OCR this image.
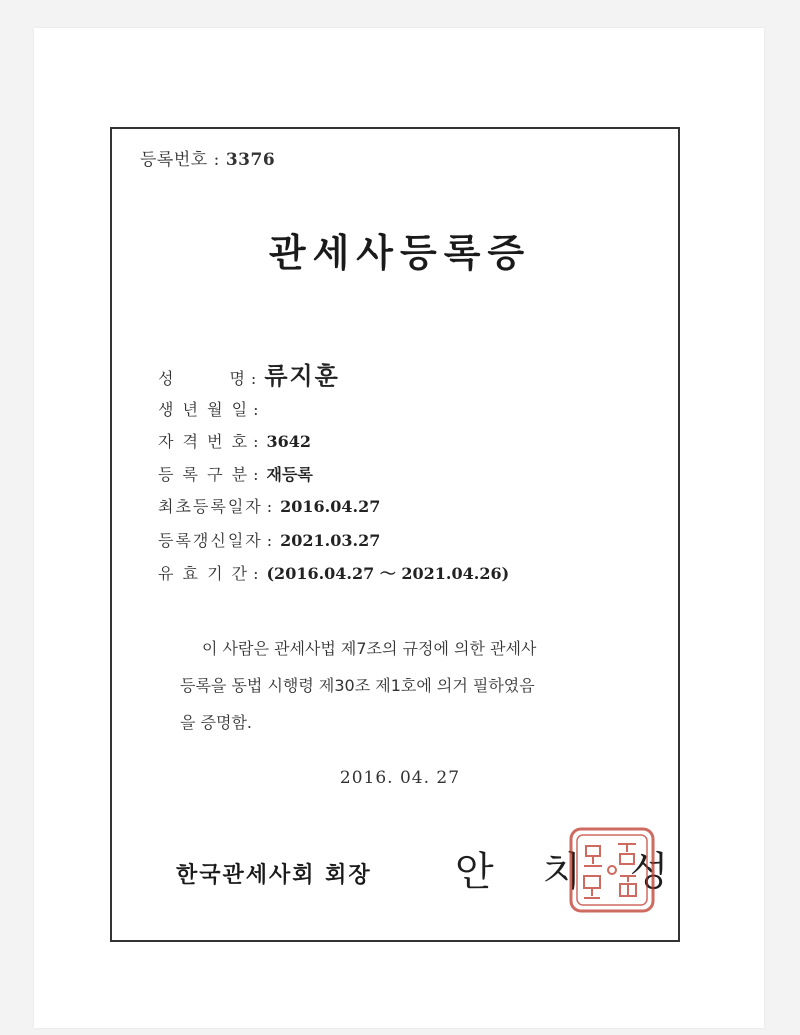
등록번호 : 3376
관세사등록증
성　　　명 : 류지훈
생 년 월 일 :
자 격 번 호 : 3642
등 록 구 분 : 재등록
최초등록일자 : 2016.04.27
등록갱신일자 : 2021.03.27
유 효 기 간 : (2016.04.27 ～ 2021.04.26)
이 사람은 관세사법 제7조의 규정에 의한 관세사
등록을 동법 시행령 제30조 제1호에 의거 필하였음
을 증명함.
2016. 04. 27
한국관세사회 회장 안 치 성
